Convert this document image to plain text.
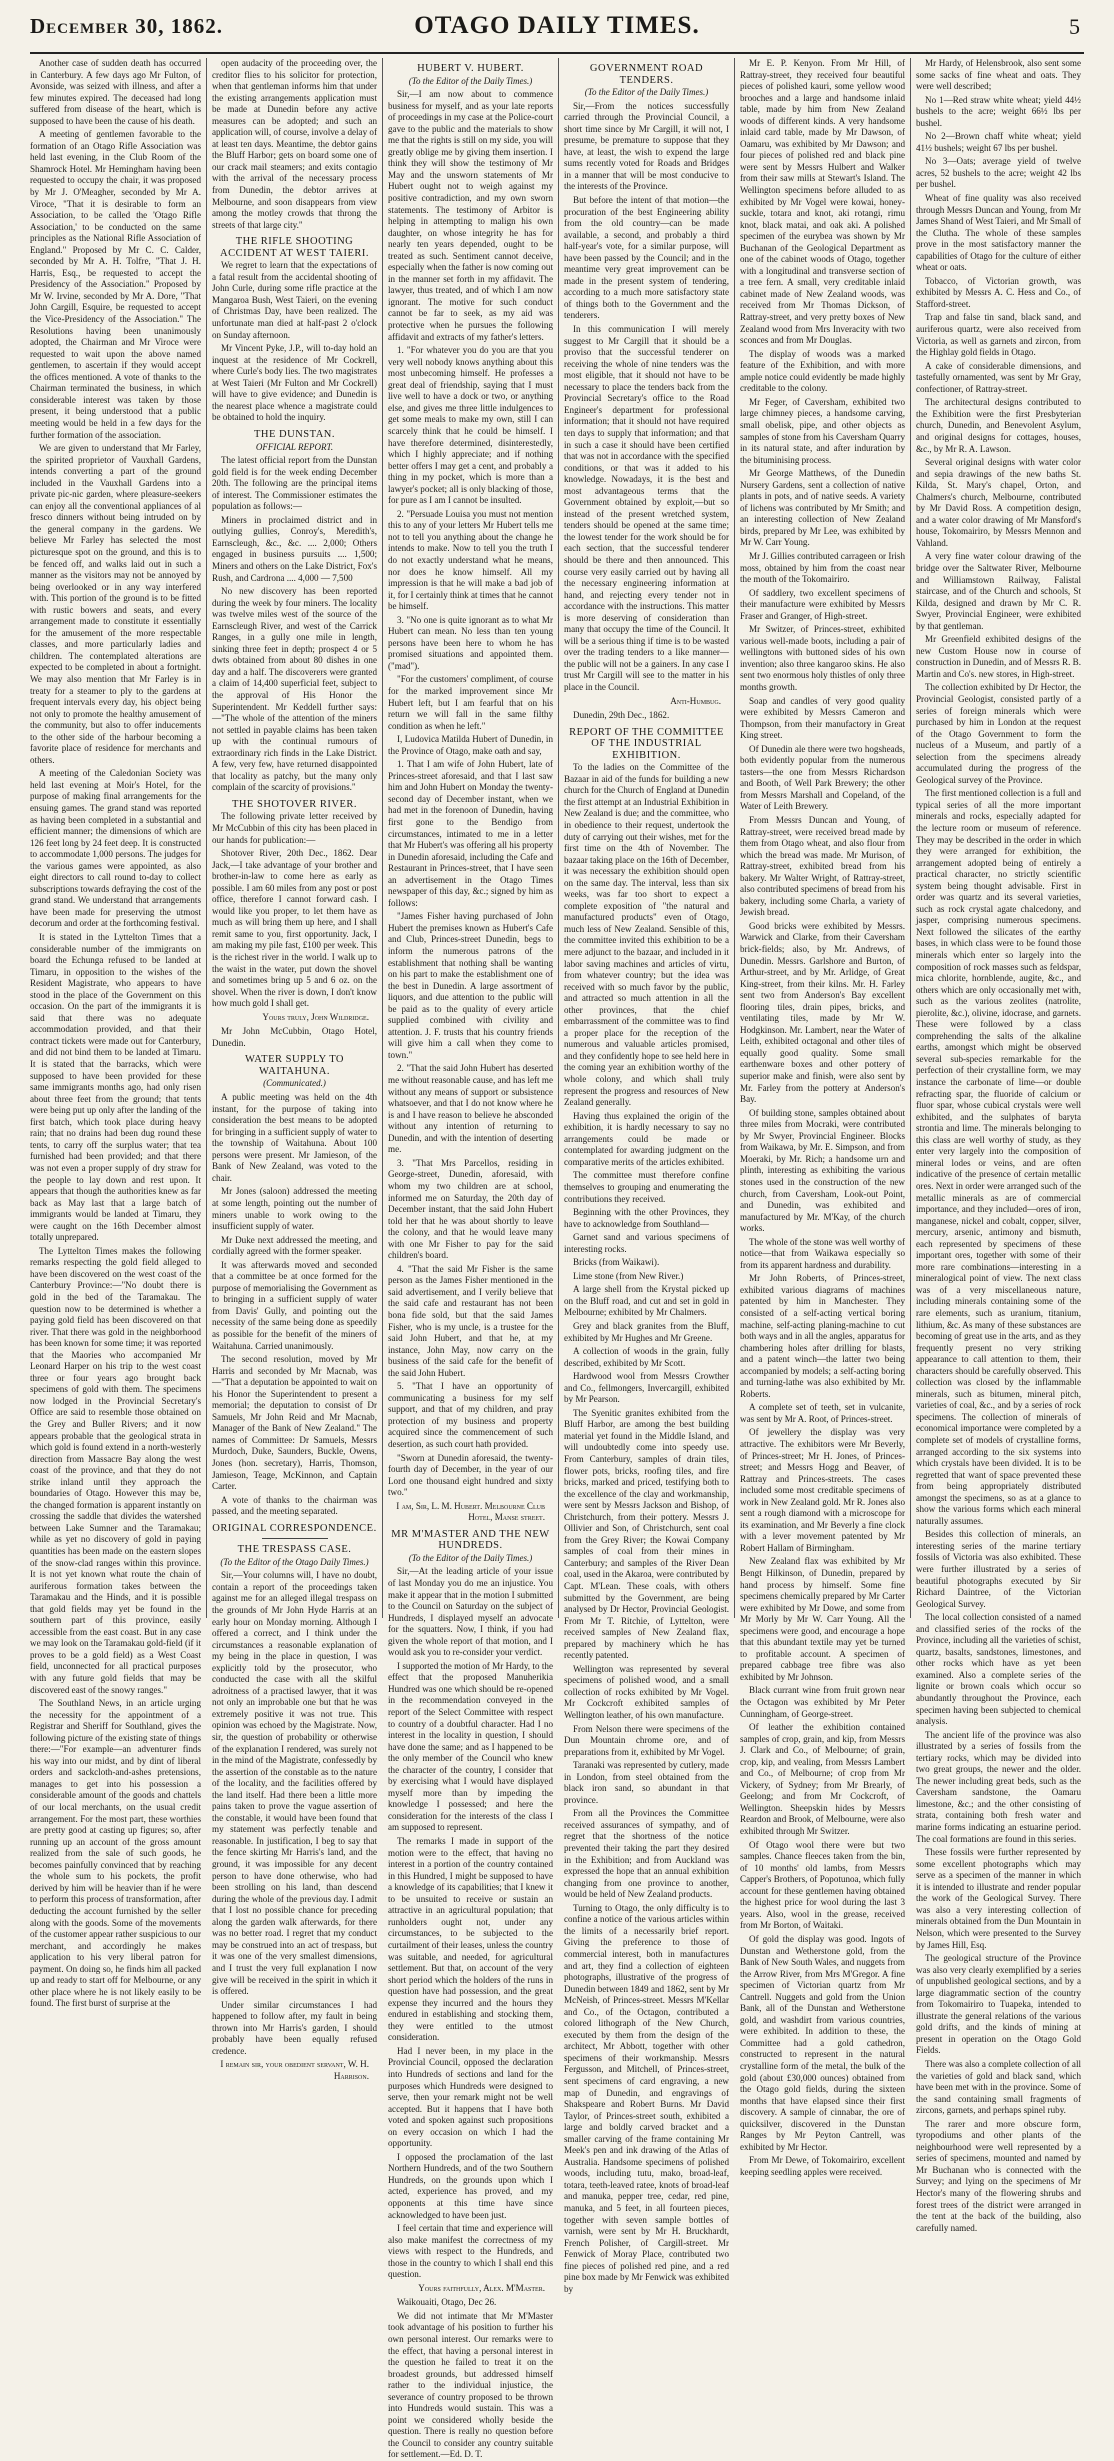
December 30, 1862.	OTAGO DAILY TIMES.	5

Another case of sudden death has occurred in Canterbury. A few days ago Mr Fulton, of Avonside, was seized with illness, and after a few minutes expired. The deceased had long suffered from disease of the heart, which is supposed to have been the cause of his death.

A meeting of gentlemen favorable to the formation of an Otago Rifle Association was held last evening, in the Club Room of the Shamrock Hotel. Mr Hemingham having been requested to occupy the chair, it was proposed by Mr J. O'Meagher, seconded by Mr A. Viroce, "That it is desirable to form an Association, to be called the 'Otago Rifle Association,' to be conducted on the same principles as the National Rifle Association of England." Proposed by Mr C. C. Calder, seconded by Mr A. H. Tolfre, "That J. H. Harris, Esq., be requested to accept the Presidency of the Association." Proposed by Mr W. Irvine, seconded by Mr A. Dore, "That John Cargill, Esquire, be requested to accept the Vice-Presidency of the Association." The Resolutions having been unanimously adopted, the Chairman and Mr Viroce were requested to wait upon the above named gentlemen, to ascertain if they would accept the offices mentioned. A vote of thanks to the Chairman terminated the business, in which considerable interest was taken by those present, it being understood that a public meeting would be held in a few days for the further formation of the association.

We are given to understand that Mr Farley, the spirited proprietor of Vauxhall Gardens, intends converting a part of the ground included in the Vauxhall Gardens into a private pic-nic garden, where pleasure-seekers can enjoy all the conventional appliances of al fresco dinners without being intruded on by the general company in the gardens. We believe Mr Farley has selected the most picturesque spot on the ground, and this is to be fenced off, and walks laid out in such a manner as the visitors may not be annoyed by being overlooked or in any way interfered with. This portion of the ground is to be fitted with rustic bowers and seats, and every arrangement made to constitute it essentially for the amusement of the more respectable classes, and more particularly ladies and children. The contemplated alterations are expected to be completed in about a fortnight. We may also mention that Mr Farley is in treaty for a steamer to ply to the gardens at frequent intervals every day, his object being not only to promote the healthy amusement of the community, but also to offer inducements to the other side of the harbour becoming a favorite place of residence for merchants and others.

A meeting of the Caledonian Society was held last evening at Moir's Hotel, for the purpose of making final arrangements for the ensuing games. The grand stand was reported as having been completed in a substantial and efficient manner; the dimensions of which are 126 feet long by 24 feet deep. It is constructed to accommodate 1,000 persons. The judges for the various games were appointed, as also eight directors to call round to-day to collect subscriptions towards defraying the cost of the grand stand. We understand that arrangements have been made for preserving the utmost decorum and order at the forthcoming festival.

It is stated in the Lyttelton Times that a considerable number of the immigrants on board the Echunga refused to be landed at Timaru, in opposition to the wishes of the Resident Magistrate, who appears to have stood in the place of the Government on this occasion. On the part of the immigrants it is said that there was no adequate accommodation provided, and that their contract tickets were made out for Canterbury, and did not bind them to be landed at Timaru. It is stated that the barracks, which were supposed to have been provided for these same immigrants months ago, had only risen about three feet from the ground; that tents were being put up only after the landing of the first batch, which took place during heavy rain; that no drains had been dug round these tents, to carry off the surplus water; that tea furnished had been provided; and that there was not even a proper supply of dry straw for the people to lay down and rest upon. It appears that though the authorities knew as far back as May last that a large batch of immigrants would be landed at Timaru, they were caught on the 16th December almost totally unprepared.

The Lyttelton Times makes the following remarks respecting the gold field alleged to have been discovered on the west coast of the Canterbury Province:—"No doubt there is gold in the bed of the Taramakau. The question now to be determined is whether a paying gold field has been discovered on that river. That there was gold in the neighborhood has been known for some time; it was reported that the Maories who accompanied Mr Leonard Harper on his trip to the west coast three or four years ago brought back specimens of gold with them. The specimens now lodged in the Provincial Secretary's Office are said to resemble those obtained on the Grey and Buller Rivers; and it now appears probable that the geological strata in which gold is found extend in a north-westerly direction from Massacre Bay along the west coast of the province, and that they do not strike inland until they approach the boundaries of Otago. However this may be, the changed formation is apparent instantly on crossing the saddle that divides the watershed between Lake Sumner and the Taramakau; while as yet no discovery of gold in paying quantities has been made on the eastern slopes of the snow-clad ranges within this province. It is not yet known what route the chain of auriferous formation takes between the Taramakau and the Hinds, and it is possible that gold fields may yet be found in the southern part of this province, easily accessible from the east coast. But in any case we may look on the Taramakau gold-field (if it proves to be a gold field) as a West Coast field, unconnected for all practical purposes with any future gold fields that may be discovered east of the snowy ranges."

The Southland News, in an article urging the necessity for the appointment of a Registrar and Sheriff for Southland, gives the following picture of the existing state of things there:—"For example—an adventurer finds his way into our midst, and by dint of liberal orders and sackcloth-and-ashes pretensions, manages to get into his possession a considerable amount of the goods and chattels of our local merchants, on the usual credit arrangement. For the most part, these worthies are pretty good at casting up figures; so, after running up an account of the gross amount realized from the sale of such goods, he becomes painfully convinced that by reaching the whole sum to his pockets, the profit derived by him will be heavier than if he were to perform this process of transformation, after deducting the account furnished by the seller along with the goods. Some of the movements of the customer appear rather suspicious to our merchant, and accordingly he makes application to his very liberal patron for payment. On doing so, he finds him all packed up and ready to start off for Melbourne, or any other place where he is not likely easily to be found. The first burst of surprise at the

open audacity of the proceeding over, the creditor flies to his solicitor for protection, when that gentleman informs him that under the existing arrangements application must be made at Dunedin before any active measures can be adopted; and such an application will, of course, involve a delay of at least ten days. Meantime, the debtor gains the Bluff Harbor; gets on board some one of our crack mail steamers; and exits contagio with the arrival of the necessary process from Dunedin, the debtor arrives at Melbourne, and soon disappears from view among the motley crowds that throng the streets of that large city."

THE RIFLE SHOOTING ACCIDENT AT WEST TAIERI.

We regret to learn that the expectations of a fatal result from the accidental shooting of John Curle, during some rifle practice at the Mangaroa Bush, West Taieri, on the evening of Christmas Day, have been realized. The unfortunate man died at half-past 2 o'clock on Sunday afternoon.

Mr Vincent Pyke, J.P., will to-day hold an inquest at the residence of Mr Cockrell, where Curle's body lies. The two magistrates at West Taieri (Mr Fulton and Mr Cockrell) will have to give evidence; and Dunedin is the nearest place whence a magistrate could be obtained to hold the inquiry.

THE DUNSTAN.

OFFICIAL REPORT.

The latest official report from the Dunstan gold field is for the week ending December 20th. The following are the principal items of interest. The Commissioner estimates the population as follows:—

Miners in proclaimed district and in outlying gullies, Conroy's, Meredith's, Earnscleugh, &c., &c. .... 2,000; Others engaged in business pursuits .... 1,500; Miners and others on the Lake District, Fox's Rush, and Cardrona .... 4,000 — 7,500

No new discovery has been reported during the week by four miners. The locality was twelve miles west of the source of the Earnscleugh River, and west of the Carrick Ranges, in a gully one mile in length, sinking three feet in depth; prospect 4 or 5 dwts obtained from about 80 dishes in one day and a half. The discoverers were granted a claim of 14,400 superficial feet, subject to the approval of His Honor the Superintendent. Mr Keddell further says:—"The whole of the attention of the miners not settled in payable claims has been taken up with the continual rumours of extraordinary rich finds in the Lake District. A few, very few, have returned disappointed that locality as patchy, but the many only complain of the scarcity of provisions."

THE SHOTOVER RIVER.

The following private letter received by Mr McCubbin of this city has been placed in our hands for publication:—

Shotover River, 20th Dec., 1862. Dear Jack,—I take advantage of your brother and brother-in-law to come here as early as possible. I am 60 miles from any post or post office, therefore I cannot forward cash. I would like you proper, to let them have as much as will bring them up here, and I shall remit same to you, first opportunity. Jack, I am making my pile fast, £100 per week. This is the richest river in the world. I walk up to the waist in the water, put down the shovel and sometimes bring up 5 and 6 oz. on the shovel. When the river is down, I don't know how much gold I shall get.

Yours truly, John Wildridge.

Mr John McCubbin, Otago Hotel, Dunedin.

WATER SUPPLY TO WAITAHUNA.

(Communicated.)

A public meeting was held on the 4th instant, for the purpose of taking into consideration the best means to be adopted for bringing in a sufficient supply of water to the township of Waitahuna. About 100 persons were present. Mr Jamieson, of the Bank of New Zealand, was voted to the chair.

Mr Jones (saloon) addressed the meeting at some length, pointing out the number of miners unable to work owing to the insufficient supply of water.

Mr Duke next addressed the meeting, and cordially agreed with the former speaker.

It was afterwards moved and seconded that a committee be at once formed for the purpose of memorialising the Government as to bringing in a sufficient supply of water from Davis' Gully, and pointing out the necessity of the same being done as speedily as possible for the benefit of the miners of Waitahuna. Carried unanimously.

The second resolution, moved by Mr Harris and seconded by Mr Macnab, was—"That a deputation be appointed to wait on his Honor the Superintendent to present a memorial; the deputation to consist of Dr Samuels, Mr John Reid and Mr Macnab, Manager of the Bank of New Zealand." The names of Committee: Dr Samuels, Messrs Murdoch, Duke, Saunders, Buckle, Owens, Jones (hon. secretary), Harris, Thomson, Jamieson, Teage, McKinnon, and Captain Carter.

A vote of thanks to the chairman was passed, and the meeting separated.

ORIGINAL CORRESPONDENCE.

THE TRESPASS CASE.

(To the Editor of the Otago Daily Times.)

Sir,—Your columns will, I have no doubt, contain a report of the proceedings taken against me for an alleged illegal trespass on the grounds of Mr John Hyde Harris at an early hour on Monday morning. Although I offered a correct, and I think under the circumstances a reasonable explanation of my being in the place in question, I was explicitly told by the prosecutor, who conducted the case with all the skilful adroitness of a practised lawyer, that it was not only an improbable one but that he was extremely positive it was not true. This opinion was echoed by the Magistrate. Now, sir, the question of probability or otherwise of the explanation I rendered, was surely not in the mind of the Magistrate, confessedly by the assertion of the constable as to the nature of the locality, and the facilities offered by the land itself. Had there been a little more pains taken to prove the vague assertion of the constable, it would have been found that my statement was perfectly tenable and reasonable. In justification, I beg to say that the fence skirting Mr Harris's land, and the ground, it was impossible for any decent person to have done otherwise, who had been strolling on his land, than descend during the whole of the previous day. I admit that I lost no possible chance for preceding along the garden walk afterwards, for there was no better road. I regret that my conduct may be construed into an act of trespass, but it was one of the very smallest dimensions, and I trust the very full explanation I now give will be received in the spirit in which it is offered.

Under similar circumstances I had happened to follow after, my fault in being thrown into Mr Harris's garden, I should probably have been equally refused credence.

I remain sir, your obedient servant, W. H. Harrison.

HUBERT V. HUBERT.

(To the Editor of the Daily Times.)

Sir,—I am now about to commence business for myself, and as your late reports of proceedings in my case at the Police-court gave to the public and the materials to show me that the rights is still on my side, you will greatly oblige me by giving them insertion. I think they will show the testimony of Mr May and the unsworn statements of Mr Hubert ought not to weigh against my positive contradiction, and my own sworn statements. The testimony of Arbitor is helping in attempting to malign his own daughter, on whose integrity he has for nearly ten years depended, ought to be treated as such. Sentiment cannot deceive, especially when the father is now coming out in the manner set forth in my affidavit. The lawyer, thus treated, and of which I am now ignorant. The motive for such conduct cannot be far to seek, as my aid was protective when he pursues the following affidavit and extracts of my father's letters.

1. "For whatever you do you are that you very well nobody knows anything about this most unbecoming himself. He professes a great deal of friendship, saying that I must live well to have a dock or two, or anything else, and gives me three little indulgences to get some meals to make my own, still I can scarcely think that he could be himself. I have therefore determined, disinterestedly, which I highly appreciate; and if nothing better offers I may get a cent, and probably a thing in my pocket, which is more than a lawyer's pocket; all is only blacking of those, for pure as I am I cannot be insulted.

2. "Persuade Louisa you must not mention this to any of your letters Mr Hubert tells me not to tell you anything about the change he intends to make. Now to tell you the truth I do not exactly understand what he means, nor does he know himself. All my impression is that he will make a bad job of it, for I certainly think at times that he cannot be himself.

3. "No one is quite ignorant as to what Mr Hubert can mean. No less than ten young persons have been here to whom he has promised situations and appointed them. ("mad").

"For the customers' compliment, of course for the marked improvement since Mr Hubert left, but I am fearful that on his return we will fall in the same filthy condition as when he left."

I, Ludovica Matilda Hubert of Dunedin, in the Province of Otago, make oath and say,

1. That I am wife of John Hubert, late of Princes-street aforesaid, and that I last saw him and John Hubert on Monday the twenty-second day of December instant, when we had met in the forenoon of Dunedin, having first gone to the Bendigo from circumstances, intimated to me in a letter that Mr Hubert's was offering all his property in Dunedin aforesaid, including the Cafe and Restaurant in Princes-street, that I have seen an advertisement in the Otago Times newspaper of this day, &c.; signed by him as follows:

"James Fisher having purchased of John Hubert the premises known as Hubert's Cafe and Club, Princes-street Dunedin, begs to inform the numerous patrons of the establishment that nothing shall be wanting on his part to make the establishment one of the best in Dunedin. A large assortment of liquors, and due attention to the public will be paid as to the quality of every article supplied combined with civility and attention. J. F. trusts that his country friends will give him a call when they come to town."

2. "That the said John Hubert has deserted me without reasonable cause, and has left me without any means of support or subsistence whatsoever, and that I do not know where he is and I have reason to believe he absconded without any intention of returning to Dunedin, and with the intention of deserting me.

3. "That Mrs Parcellos, residing in George-street, Dunedin, aforesaid, with whom my two children are at school, informed me on Saturday, the 20th day of December instant, that the said John Hubert told her that he was about shortly to leave the colony, and that he would leave many with one Mr Fisher to pay for the said children's board.

4. "That the said Mr Fisher is the same person as the James Fisher mentioned in the said advertisement, and I verily believe that the said cafe and restaurant has not been bona fide sold, but that the said James Fisher, who is my uncle, is a trustee for the said John Hubert, and that he, at my instance, John May, now carry on the business of the said cafe for the benefit of the said John Hubert.

5. "That I have an opportunity of communicating a business for my self support, and that of my children, and pray protection of my business and property acquired since the commencement of such desertion, as such court hath provided.

"Sworn at Dunedin aforesaid, the twenty-fourth day of December, in the year of our Lord one thousand eight hundred and sixty two."

I am, Sir, L. M. Hubert. Melbourne Club Hotel, Manse street.

MR M'MASTER AND THE NEW HUNDREDS.

(To the Editor of the Daily Times.)

Sir,—At the leading article of your issue of last Monday you do me an injustice. You make it appear that in the motion I submitted to the Council on Saturday on the subject of Hundreds, I displayed myself an advocate for the squatters. Now, I think, if you had given the whole report of that motion, and I would ask you to re-consider your verdict.

I supported the motion of Mr Hardy, to the effect that the proposed Manuherikia Hundred was one which should be re-opened in the recommendation conveyed in the report of the Select Committee with respect to country of a doubtful character. Had I no interest in the locality in question, I should have done the same; and as I happened to be the only member of the Council who knew the character of the country, I consider that by exercising what I would have displayed myself more than by impeding the knowledge I possessed; and here the consideration for the interests of the class I am supposed to represent.

The remarks I made in support of the motion were to the effect, that having no interest in a portion of the country contained in this Hundred, I might be supposed to have a knowledge of its capabilities; that I knew it to be unsuited to receive or sustain an attractive in an agricultural population; that runholders ought not, under any circumstances, to be subjected to the curtailment of their leases, unless the country was suitable, and needed, for agricultural settlement. But that, on account of the very short period which the holders of the runs in question have had possession, and the great expense they incurred and the hours they endured in establishing and stocking them, they were entitled to the utmost consideration.

Had I never been, in my place in the Provincial Council, opposed the declaration into Hundreds of sections and land for the purposes which Hundreds were designed to serve, then your remark might not be well accepted. But it happens that I have both voted and spoken against such propositions on every occasion on which I had the opportunity.

I opposed the proclamation of the last Northern Hundreds, and of the two Southern Hundreds, on the grounds upon which I acted, experience has proved, and my opponents at this time have since acknowledged to have been just.

I feel certain that time and experience will also make manifest the correctness of my views with respect to the Hundreds, and those in the country to which I shall end this question.

Yours faithfully, Alex. M'Master.

Waikouaiti, Otago, Dec 26.

We did not intimate that Mr M'Master took advantage of his position to further his own personal interest. Our remarks were to the effect, that having a personal interest in the question he failed to treat it on the broadest grounds, but addressed himself rather to the individual injustice, the severance of country proposed to be thrown into Hundreds would sustain. This was a point we considered wholly beside the question. There is really no question before the Council to consider any country suitable for settlement.—Ed. D. T.

GOVERNMENT ROAD TENDERS.

(To the Editor of the Daily Times.)

Sir,—From the notices successfully carried through the Provincial Council, a short time since by Mr Cargill, it will not, I presume, be premature to suppose that they have, at least, the wish to expend the large sums recently voted for Roads and Bridges in a manner that will be most conducive to the interests of the Province.

But before the intent of that motion—the procuration of the best Engineering ability from the old country—can be made available, a second, and probably a third half-year's vote, for a similar purpose, will have been passed by the Council; and in the meantime very great improvement can be made in the present system of tendering, according to a much more satisfactory state of things both to the Government and the tenderers.

In this communication I will merely suggest to Mr Cargill that it should be a proviso that the successful tenderer on receiving the whole of nine tenders was the most eligible, that it should not have to be necessary to place the tenders back from the Provincial Secretary's office to the Road Engineer's department for professional information; that it should not have required ten days to supply that information; and that in such a case it should have been certified that was not in accordance with the specified conditions, or that was it added to his knowledge. Nowadays, it is the best and most advantageous terms that the Government obtained by exploit,—but so instead of the present wretched system, tenders should be opened at the same time; the lowest tender for the work should be for each section, that the successful tenderer should be there and then announced. This course very easily carried out by having all the necessary engineering information at hand, and rejecting every tender not in accordance with the instructions. This matter is more deserving of consideration than many that occupy the time of the Council. It will be a serious thing if time is to be wasted over the trading tenders to a like manner—the public will not be a gainers. In any case I trust Mr Cargill will see to the matter in his place in the Council.

Anti-Humbug.

Dunedin, 29th Dec., 1862.

REPORT OF THE COMMITTEE OF THE INDUSTRIAL EXHIBITION.

To the ladies on the Committee of the Bazaar in aid of the funds for building a new church for the Church of England at Dunedin the first attempt at an Industrial Exhibition in New Zealand is due; and the committee, who in obedience to their request, undertook the duty of carrying out their wishes, met for the first time on the 4th of November. The bazaar taking place on the 16th of December, it was necessary the exhibition should open on the same day. The interval, less than six weeks, was far too short to expect a complete exposition of "the natural and manufactured products" even of Otago, much less of New Zealand. Sensible of this, the committee invited this exhibition to be a mere adjunct to the bazaar, and included in it labor saving machines and articles of virtu, from whatever country; but the idea was received with so much favor by the public, and attracted so much attention in all the other provinces, that the chief embarrassment of the committee was to find a proper place for the reception of the numerous and valuable articles promised, and they confidently hope to see held here in the coming year an exhibition worthy of the whole colony, and which shall truly represent the progress and resources of New Zealand generally.

Having thus explained the origin of the exhibition, it is hardly necessary to say no arrangements could be made or contemplated for awarding judgment on the comparative merits of the articles exhibited.

The committee must therefore confine themselves to grouping and enumerating the contributions they received.

Beginning with the other Provinces, they have to acknowledge from Southland—

Garnet sand and various specimens of interesting rocks.

Bricks (from Waikawi).

Lime stone (from New River.)

A large shell from the Krystal picked up on the Bluff road, and cut and set in gold in Melbourne; exhibited by Mr Chalmers.

Grey and black granites from the Bluff, exhibited by Mr Hughes and Mr Greene.

A collection of woods in the grain, fully described, exhibited by Mr Scott.

Hardwood wool from Messrs Crowther and Co., fellmongers, Invercargill, exhibited by Mr Pearson.

The Syenitic granites exhibited from the Bluff Harbor, are among the best building material yet found in the Middle Island, and will undoubtedly come into speedy use. From Canterbury, samples of drain tiles, flower pots, bricks, roofing tiles, and fire bricks, marked and priced, testifying both to the excellence of the clay and workmanship, were sent by Messrs Jackson and Bishop, of Christchurch, from their pottery. Messrs J. Ollivier and Son, of Christchurch, sent coal from the Grey River; the Kowai Company samples of coal from their mines in Canterbury; and samples of the River Dean coal, used in the Akaroa, were contributed by Capt. M'Lean. These coals, with others submitted by the Government, are being analysed by Dr Hector, Provincial Geologist. From Mr T. Ritchie, of Lyttelton, were received samples of New Zealand flax, prepared by machinery which he has recently patented.

Wellington was represented by several specimens of polished wood, and a small collection of rocks exhibited by Mr Vogel. Mr Cockcroft exhibited samples of Wellington leather, of his own manufacture.

From Nelson there were specimens of the Dun Mountain chrome ore, and of preparations from it, exhibited by Mr Vogel.

Taranaki was represented by cutlery, made in London, from steel obtained from the black iron sand, so abundant in that province.

From all the Provinces the Committee received assurances of sympathy, and of regret that the shortness of the notice prevented their taking the part they desired in the Exhibition; and from Auckland was expressed the hope that an annual exhibition changing from one province to another, would be held of New Zealand products.

Turning to Otago, the only difficulty is to confine a notice of the various articles within the limits of a necessarily brief report. Giving the preference to those of commercial interest, both in manufactures and art, they find a collection of eighteen photographs, illustrative of the progress of Dunedin between 1849 and 1862, sent by Mr McNeish, of Princes-street. Messrs M'Kellar and Co., of the Octagon, contributed a colored lithograph of the New Church, executed by them from the design of the architect, Mr Abbott, together with other specimens of their workmanship. Messrs Fergusson, and Mitchell, of Princes-street, sent specimens of card engraving, a new map of Dunedin, and engravings of Shakspeare and Robert Burns. Mr David Taylor, of Princes-street south, exhibited a large and boldly carved bracket and a smaller carving of the frame containing Mr Meek's pen and ink drawing of the Atlas of Australia. Handsome specimens of polished woods, including tutu, mako, broad-leaf, totara, teeth-leaved ratee, knots of broad-leaf and manuka, pepper tree, cedar, red pine, manuka, and 5 feet, in all fourteen pieces, together with seven sample bottles of varnish, were sent by Mr H. Bruckhardt, French Polisher, of Cargill-street. Mr Fenwick of Moray Place, contributed two fine pieces of polished red pine, and a red pine box made by Mr Fenwick was exhibited by

Mr E. P. Kenyon. From Mr Hill, of Rattray-street, they received four beautiful pieces of polished kauri, some yellow wood brooches and a large and handsome inlaid table, made by him from New Zealand woods of different kinds. A very handsome inlaid card table, made by Mr Dawson, of Oamaru, was exhibited by Mr Dawson; and four pieces of polished red and black pine were sent by Messrs Hulbert and Walker from their saw mills at Stewart's Island. The Wellington specimens before alluded to as exhibited by Mr Vogel were kowai, honey-suckle, totara and knot, aki rotangi, rimu knot, black matai, and oak aki. A polished specimen of the eurybea was shown by Mr Buchanan of the Geological Department as one of the cabinet woods of Otago, together with a longitudinal and transverse section of a tree fern. A small, very creditable inlaid cabinet made of New Zealand woods, was received from Mr Thomas Dickson, of Rattray-street, and very pretty boxes of New Zealand wood from Mrs Inveracity with two sconces and from Mr Douglas.

The display of woods was a marked feature of the Exhibition, and with more ample notice could evidently be made highly creditable to the colony.

Mr Feger, of Caversham, exhibited two large chimney pieces, a handsome carving, small obelisk, pipe, and other objects as samples of stone from his Caversham Quarry in its natural state, and after induration by the bituminising process.

Mr George Matthews, of the Dunedin Nursery Gardens, sent a collection of native plants in pots, and of native seeds. A variety of lichens was contributed by Mr Smith; and an interesting collection of New Zealand birds, prepared by Mr Lee, was exhibited by Mr W. Carr Young.

Mr J. Gillies contributed carrageen or Irish moss, obtained by him from the coast near the mouth of the Tokomairiro.

Of saddlery, two excellent specimens of their manufacture were exhibited by Messrs Fraser and Granger, of High-street.

Mr Switzer, of Princes-street, exhibited various well-made boots, including a pair of wellingtons with buttoned sides of his own invention; also three kangaroo skins. He also sent two enormous holy thistles of only three months growth.

Soap and candles of very good quality were exhibited by Messrs Cameron and Thompson, from their manufactory in Great King street.

Of Dunedin ale there were two hogsheads, both evidently popular from the numerous tasters—the one from Messrs Richardson and Booth, of Well Park Brewery; the other from Messrs Marshall and Copeland, of the Water of Leith Brewery.

From Messrs Duncan and Young, of Rattray-street, were received bread made by them from Otago wheat, and also flour from which the bread was made. Mr Murison, of Rattray-street, exhibited bread from his bakery. Mr Walter Wright, of Rattray-street, also contributed specimens of bread from his bakery, including some Charla, a variety of Jewish bread.

Good bricks were exhibited by Messrs. Warwick and Clarke, from their Caversham brick-fields; also, by Mr. Andrews, of Dunedin. Messrs. Garlshore and Burton, of Arthur-street, and by Mr. Arlidge, of Great King-street, from their kilns. Mr. H. Farley sent two from Anderson's Bay excellent flooring tiles, drain pipes, bricks, and ventilating tiles, made by Mr W. Hodgkinson. Mr. Lambert, near the Water of Leith, exhibited octagonal and other tiles of equally good quality. Some small earthenware boxes and other pottery of superior make and finish, were also sent by Mr. Farley from the pottery at Anderson's Bay.

Of building stone, samples obtained about three miles from Mocraki, were contributed by Mr Swyer, Provincial Engineer. Blocks from Waikawa, by Mr. E. Simpson, and from Moeraki, by Mr. Rich; a handsome urn and plinth, interesting as exhibiting the various stones used in the construction of the new church, from Caversham, Look-out Point, and Dunedin, was exhibited and manufactured by Mr. M'Kay, of the church works.

The whole of the stone was well worthy of notice—that from Waikawa especially so from its apparent hardness and durability.

Mr John Roberts, of Princes-street, exhibited various diagrams of machines patented by him in Manchester. They consisted of a self-acting vertical boring machine, self-acting planing-machine to cut both ways and in all the angles, apparatus for chambering holes after drilling for blasts, and a patent winch—the latter two being accompanied by models; a self-acting boring and turning-lathe was also exhibited by Mr. Roberts.

A complete set of teeth, set in vulcanite, was sent by Mr A. Root, of Princes-street.

Of jewellery the display was very attractive. The exhibitors were Mr Beverly, of Princes-street; Mr H. Jones, of Princes-street; and Messrs Hogg and Beaver, of Rattray and Princes-streets. The cases included some most creditable specimens of work in New Zealand gold. Mr R. Jones also sent a rough diamond with a microscope for its examination, and Mr Beverly a fine clock with a lever movement patented by Mr Robert Hallam of Birmingham.

New Zealand flax was exhibited by Mr Bengt Hilkinson, of Dunedin, prepared by hand process by himself. Some fine specimens chemically prepared by Mr Carter were exhibited by Mr Dowe, and some from Mr Morly by Mr W. Carr Young. All the specimens were good, and encourage a hope that this abundant textile may yet be turned to profitable account. A specimen of prepared cabbage tree fibre was also exhibited by Mr Johnson.

Black currant wine from fruit grown near the Octagon was exhibited by Mr Peter Cunningham, of George-street.

Of leather the exhibition contained samples of crop, grain, and kip, from Messrs J. Clark and Co., of Melbourne; of grain, crop, kip, and vealing, from Messrs Lambert and Co., of Melbourne; of crop from Mr Vickery, of Sydney; from Mr Brearly, of Geelong; and from Mr Cockcroft, of Wellington. Sheepskin hides by Messrs Reardon and Brook, of Melbourne, were also exhibited through Mr Switzer.

Of Otago wool there were but two samples. Chance fleeces taken from the bin, of 10 months' old lambs, from Messrs Capper's Brothers, of Popotunoa, which fully account for these gentlemen having obtained the highest price for wool during the last 3 years. Also, wool in the grease, received from Mr Borton, of Waitaki.

Of gold the display was good. Ingots of Dunstan and Wetherstone gold, from the Bank of New South Wales, and nuggets from the Arrow River, from Mrs M'Gregor. A fine specimen of Victorian quartz from Mr Cantrell. Nuggets and gold from the Union Bank, all of the Dunstan and Wetherstone gold, and washdirt from various countries, were exhibited. In addition to these, the Committee had a gold cathedron, constructed to represent in the natural crystalline form of the metal, the bulk of the gold (about £30,000 ounces) obtained from the Otago gold fields, during the sixteen months that have elapsed since their first discovery. A sample of cinnabar, the ore of quicksilver, discovered in the Dunstan Ranges by Mr Peyton Cantrell, was exhibited by Mr Hector.

From Mr Dewe, of Tokomairiro, excellent keeping seedling apples were received.

Mr Hardy, of Helensbrook, also sent some some sacks of fine wheat and oats. They were well described;

No 1—Red straw white wheat; yield 44½ bushels to the acre; weight 66½ lbs per bushel.

No 2—Brown chaff white wheat; yield 41½ bushels; weight 67 lbs per bushel.

No 3—Oats; average yield of twelve acres, 52 bushels to the acre; weight 42 lbs per bushel.

Wheat of fine quality was also received through Messrs Duncan and Young, from Mr James Shand of West Taieri, and Mr Small of the Clutha. The whole of these samples prove in the most satisfactory manner the capabilities of Otago for the culture of either wheat or oats.

Tobacco, of Victorian growth, was exhibited by Messrs A. C. Hess and Co., of Stafford-street.

Trap and false tin sand, black sand, and auriferous quartz, were also received from Victoria, as well as garnets and zircon, from the Highlay gold fields in Otago.

A cake of considerable dimensions, and tastefully ornamented, was sent by Mr Gray, confectioner, of Rattray-street.

The architectural designs contributed to the Exhibition were the first Presbyterian church, Dunedin, and Benevolent Asylum, and original designs for cottages, houses, &c., by Mr R. A. Lawson.

Several original designs with water color and sepia drawings of the new baths St. Kilda, St. Mary's chapel, Orton, and Chalmers's church, Melbourne, contributed by Mr David Ross. A competition design, and a water color drawing of Mr Mansford's house, Tokomairiro, by Messrs Mennon and Vahland.

A very fine water colour drawing of the bridge over the Saltwater River, Melbourne and Williamstown Railway, Falistal staircase, and of the Church and schools, St Kilda, designed and drawn by Mr C. R. Swyer, Provincial Engineer, were exhibited by that gentleman.

Mr Greenfield exhibited designs of the new Custom House now in course of construction in Dunedin, and of Messrs R. B. Martin and Co's. new stores, in High-street.

The collection exhibited by Dr Hector, the Provincial Geologist, consisted partly of a series of foreign minerals which were purchased by him in London at the request of the Otago Government to form the nucleus of a Museum, and partly of a selection from the specimens already accumulated during the progress of the Geological survey of the Province.

The first mentioned collection is a full and typical series of all the more important minerals and rocks, especially adapted for the lecture room or museum of reference. They may be described in the order in which they were arranged for exhibition, the arrangement adopted being of entirely a practical character, no strictly scientific system being thought advisable. First in order was quartz and its several varieties, such as rock crystal agate chalcedony, and jasper, comprising numerous specimens. Next followed the silicates of the earthy bases, in which class were to be found those minerals which enter so largely into the composition of rock masses such as feldspar, mica chlorite, hornblende, augite, &c., and others which are only occasionally met with, such as the various zeolites (natrolite, pierolite, &c.), olivine, idocrase, and garnets. These were followed by a class comprehending the salts of the alkaline earths, amongst which might be observed several sub-species remarkable for the perfection of their crystalline form, we may instance the carbonate of lime—or double refracting spar, the fluoride of calcium or fluor spar, whose cubical crystals were well exhibited, and the sulphates of baryta strontia and lime. The minerals belonging to this class are well worthy of study, as they enter very largely into the composition of mineral lodes or veins, and are often indicative of the presence of certain metallic ores. Next in order were arranged such of the metallic minerals as are of commercial importance, and they included—ores of iron, manganese, nickel and cobalt, copper, silver, mercury, arsenic, antimony and bismuth, each represented by specimens of these important ores, together with some of their more rare combinations—interesting in a mineralogical point of view. The next class was of a very miscellaneous nature, including minerals containing some of the rare elements, such as uranium, titanium, lithium, &c. As many of these substances are becoming of great use in the arts, and as they frequently present no very striking appearance to call attention to them, their characters should be carefully observed. This collection was closed by the inflammable minerals, such as bitumen, mineral pitch, varieties of coal, &c., and by a series of rock specimens. The collection of minerals of economical importance were completed by a complete set of models of crystalline forms, arranged according to the six systems into which crystals have been divided. It is to be regretted that want of space prevented these from being appropriately distributed amongst the specimens, so as at a glance to show the various forms which each mineral naturally assumes.

Besides this collection of minerals, an interesting series of the marine tertiary fossils of Victoria was also exhibited. These were further illustrated by a series of beautiful photographs executed by Sir Richard Daintree, of the Victorian Geological Survey.

The local collection consisted of a named and classified series of the rocks of the Province, including all the varieties of schist, quartz, basalts, sandstones, limestones, and other rocks which have as yet been examined. Also a complete series of the lignite or brown coals which occur so abundantly throughout the Province, each specimen having been subjected to chemical analysis.

The ancient life of the province was also illustrated by a series of fossils from the tertiary rocks, which may be divided into two great groups, the newer and the older. The newer including great beds, such as the Caversham sandstone, the Oamaru limestone, &c.; and the other consisting of strata, containing both fresh water and marine forms indicating an estuarine period. The coal formations are found in this series.

These fossils were further represented by some excellent photographs which may serve as a specimen of the manner in which it is intended to illustrate and render popular the work of the Geological Survey. There was also a very interesting collection of minerals obtained from the Dun Mountain in Nelson, which were presented to the Survey by James Hill, Esq.

The geological structure of the Province was also very clearly exemplified by a series of unpublished geological sections, and by a large diagrammatic section of the country from Tokomairiro to Tuapeka, intended to illustrate the general relations of the various gold drifts, and the kinds of mining at present in operation on the Otago Gold Fields.

There was also a complete collection of all the varieties of gold and black sand, which have been met with in the province. Some of the sand containing small fragments of zircons, garnets, and perhaps spinel ruby.

The rarer and more obscure form, tyropodiums and other plants of the neighbourhood were well represented by a series of specimens, mounted and named by Mr Buchanan who is connected with the Survey; and lying on the specimens of Mr Hector's many of the flowering shrubs and forest trees of the district were arranged in the tent at the back of the building, also carefully named.
